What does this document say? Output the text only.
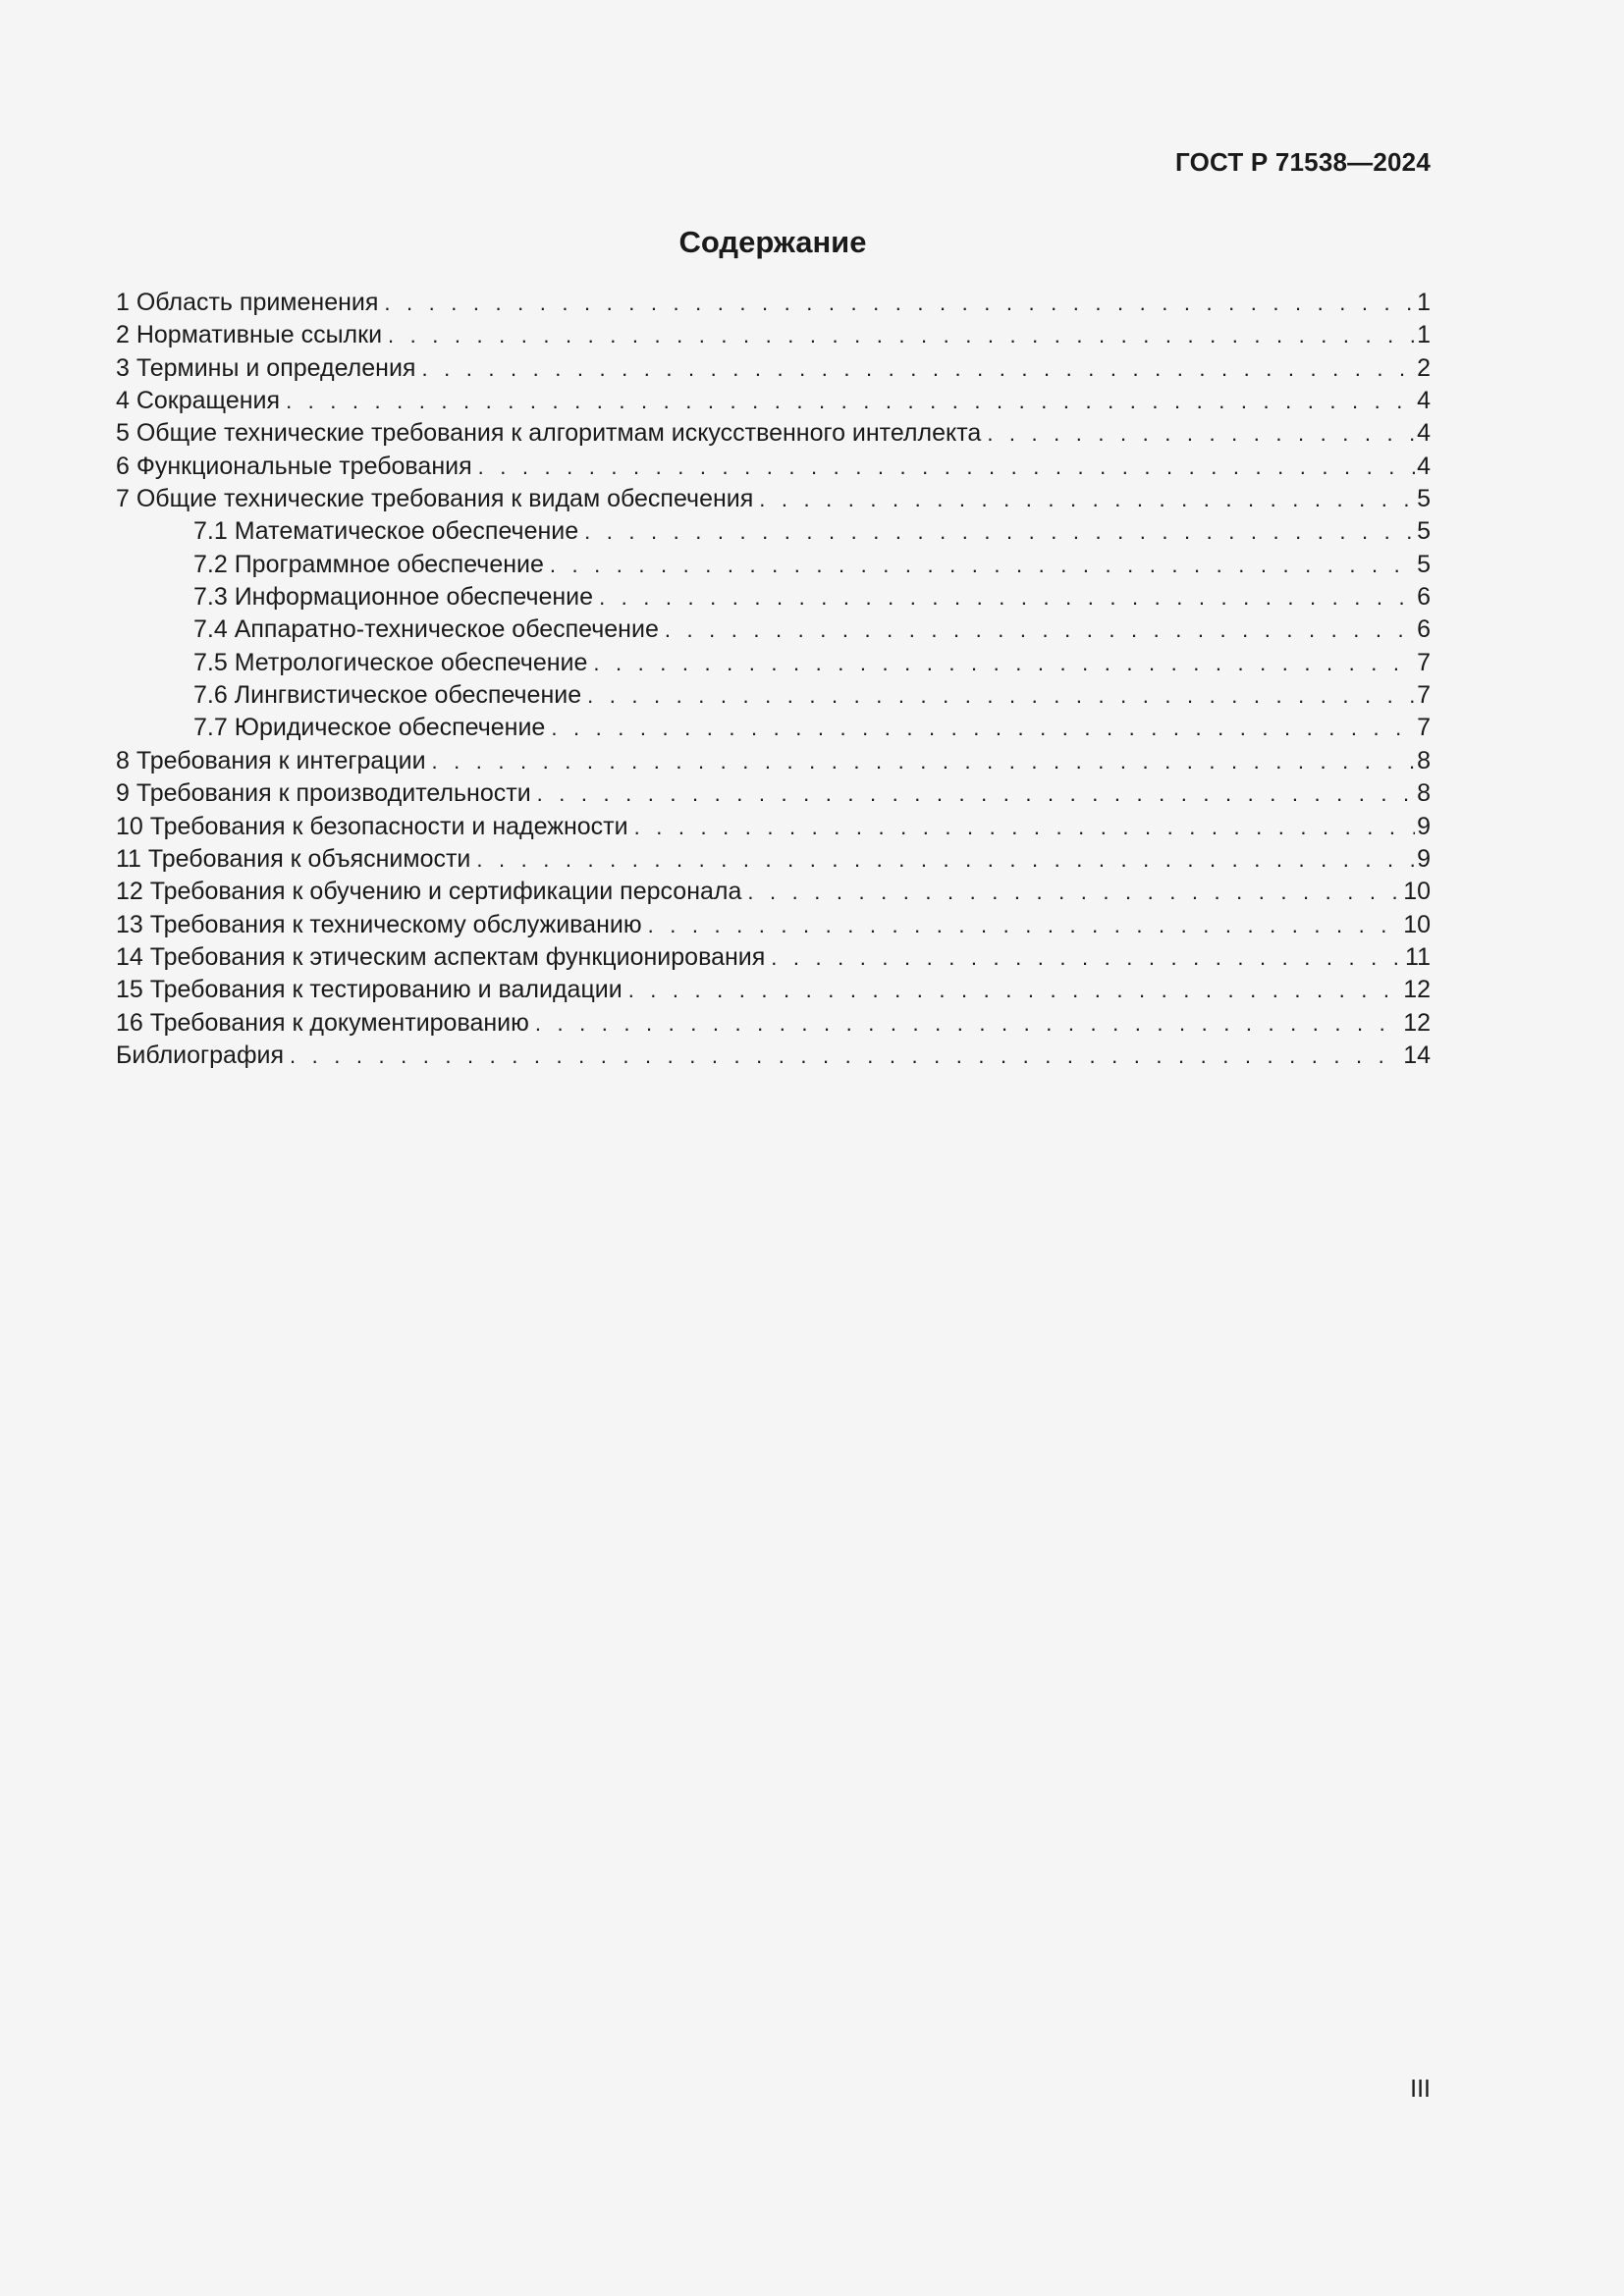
ГОСТ Р 71538—2024
Содержание
1 Область применения . . .	1
2 Нормативные ссылки . . .	1
3 Термины и определения . . .	2
4 Сокращения . . .	4
5 Общие технические требования к алгоритмам искусственного интеллекта . . .	4
6 Функциональные требования . . .	4
7 Общие технические требования к видам обеспечения . . .	5
7.1 Математическое обеспечение . . .	5
7.2 Программное обеспечение . . .	5
7.3 Информационное обеспечение . . .	6
7.4 Аппаратно-техническое обеспечение . . .	6
7.5 Метрологическое обеспечение . . .	7
7.6 Лингвистическое обеспечение . . .	7
7.7 Юридическое обеспечение . . .	7
8 Требования к интеграции . . .	8
9 Требования к производительности . . .	8
10 Требования к безопасности и надежности . . .	9
11 Требования к объяснимости . . .	9
12 Требования к обучению и сертификации персонала . . .	10
13 Требования к техническому обслуживанию . . .	10
14 Требования к этическим аспектам функционирования . . .	11
15 Требования к тестированию и валидации . . .	12
16 Требования к документированию . . .	12
Библиография . . .	14
III
